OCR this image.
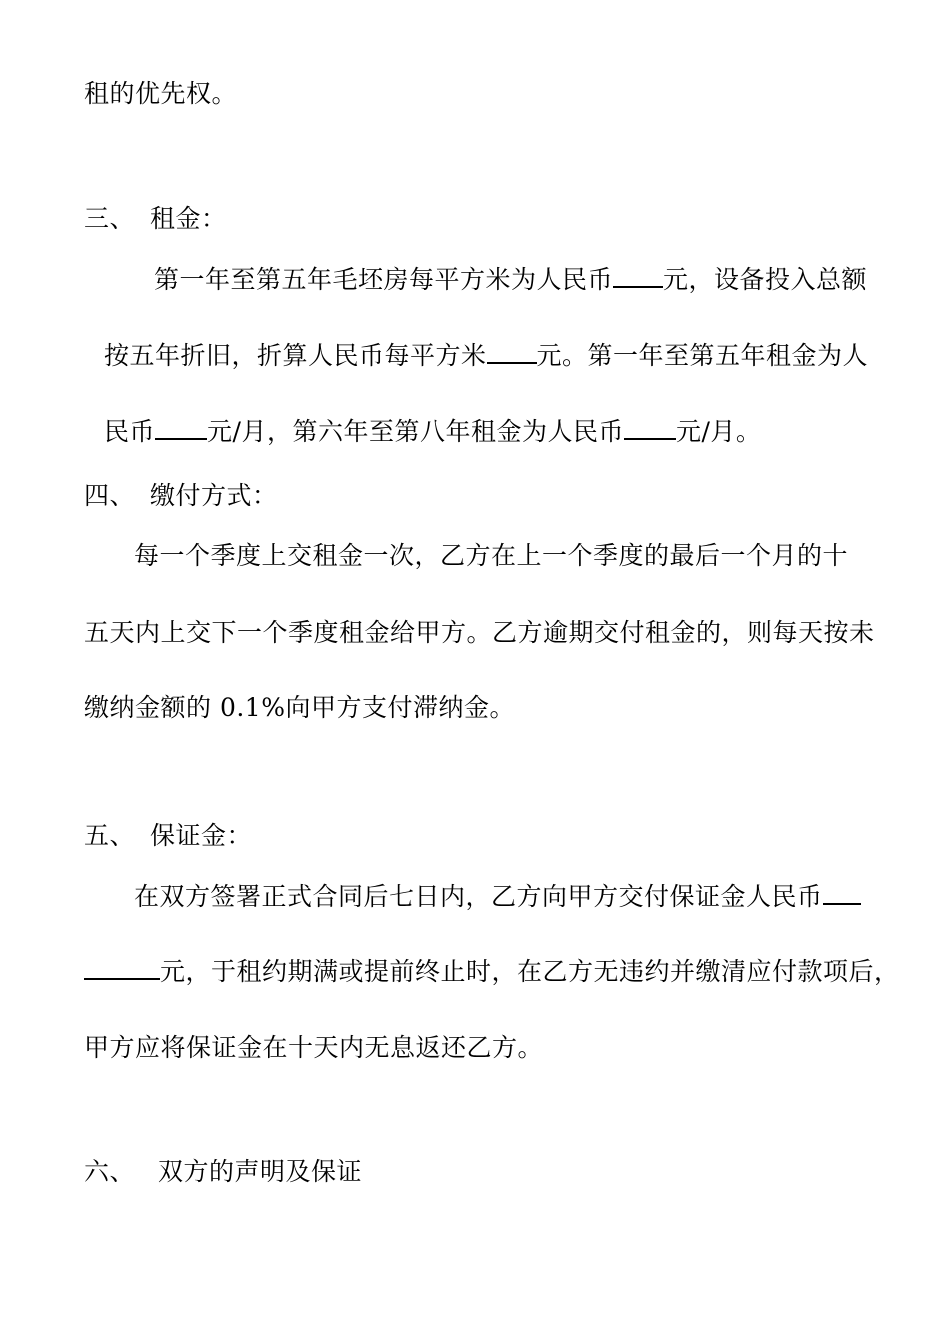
租的优先权。
三、 租金：
第一年至第五年毛坯房每平方米为人民币 元，设备投入总额
按五年折旧，折算人民币每平方米 元。第一年至第五年租金为人
民币 元/月，第六年至第八年租金为人民币 元/月。
四、 缴付方式：
每一个季度上交租金一次，乙方在上一个季度的最后一个月的十
五天内上交下一个季度租金给甲方。乙方逾期交付租金的，则每天按未
缴纳金额的 0.1%向甲方支付滞纳金。
五、 保证金：
在双方签署正式合同后七日内，乙方向甲方交付保证金人民币
元，于租约期满或提前终止时，在乙方无违约并缴清应付款项后，
甲方应将保证金在十天内无息返还乙方。
六、 双方的声明及保证
